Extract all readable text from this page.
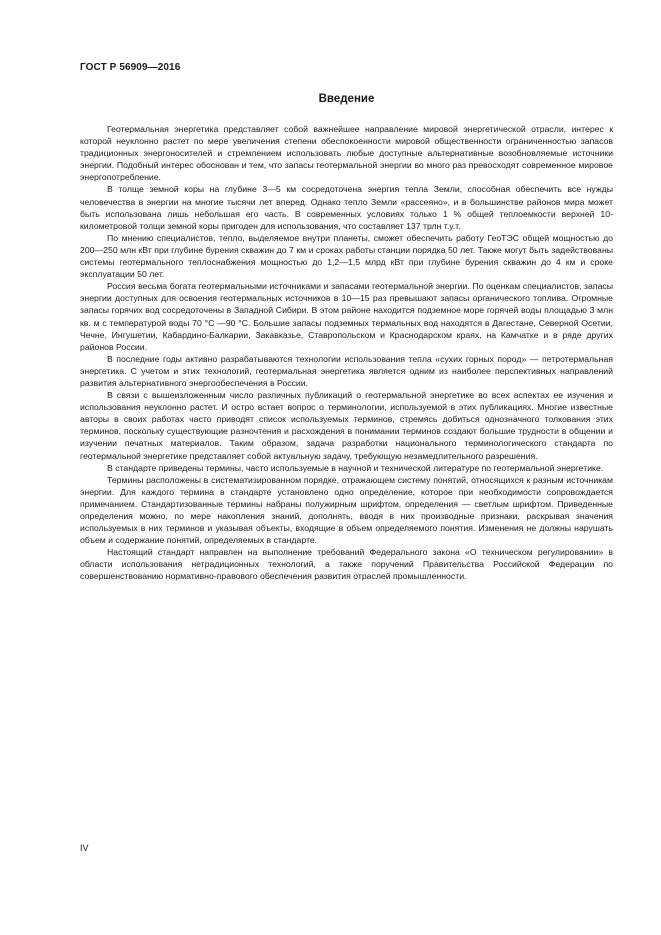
ГОСТ Р 56909—2016
Введение

Геотермальная энергетика представляет собой важнейшее направление мировой энергетической отрасли, интерес к которой неуклонно растет по мере увеличения степени обеспокоенности мировой общественности ограниченностью запасов традиционных энергоносителей и стремлением использовать любые доступные альтернативные возобновляемые источники энергии. Подобный интерес обоснован и тем, что запасы геотермальной энергии во много раз превосходят современное мировое энергопотребление.

В толще земной коры на глубине 3—5 км сосредоточена энергия тепла Земли, способная обеспечить все нужды человечества в энергии на многие тысячи лет вперед. Однако тепло Земли «рассеяно», и в большинстве районов мира может быть использована лишь небольшая его часть. В современных условиях только 1 % общей теплоемкости верхней 10-километровой толщи земной коры пригоден для использования, что составляет 137 трлн т.у.т.

По мнению специалистов, тепло, выделяемое внутри планеты, сможет обеспечить работу ГеоТЭС общей мощностью до 200—250 млн кВт при глубине бурения скважин до 7 км и сроках работы станции порядка 50 лет. Также могут быть задействованы системы геотермального теплоснабжения мощностью до 1,2—1,5 млрд кВт при глубине бурения скважин до 4 км и сроке эксплуатации 50 лет.

Россия весьма богата геотермальными источниками и запасами геотермальной энергии. По оценкам специалистов, запасы энергии доступных для освоения геотермальных источников в 10—15 раз превышают запасы органического топлива. Огромные запасы горячих вод сосредоточены в Западной Сибири. В этом районе находится подземное море горячей воды площадью 3 млн кв. м с температурой воды 70 °С —90 °С. Большие запасы подземных термальных вод находятся в Дагестане, Северной Осетии, Чечне, Ингушетии, Кабардино-Балкарии, Закавказье, Ставропольском и Краснодарском краях, на Камчатке и в ряде других районов России.

В последние годы активно разрабатываются технологии использования тепла «сухих горных пород» — петротермальная энергетика. С учетом и этих технологий, геотермальная энергетика является одним из наиболее перспективных направлений развития альтернативного энергообеспечения в России.

В связи с вышеизложенным число различных публикаций о геотермальной энергетике во всех аспектах ее изучения и использования неуклонно растет. И остро встает вопрос о терминологии, используемой в этих публикациях. Многие известные авторы в своих работах часто приводят список используемых терминов, стремясь добиться однозначного толкования этих терминов, поскольку существующие разночтения и расхождения в понимании терминов создают большие трудности в общении и изучении печатных материалов. Таким образом, задача разработки национального терминологического стандарта по геотермальной энергетике представляет собой актуальную задачу, требующую незамедлительного разрешения.

В стандарте приведены термины, часто используемые в научной и технической литературе по геотермальной энергетике.

Термины расположены в систематизированном порядке, отражающем систему понятий, относящихся к разным источникам энергии. Для каждого термина в стандарте установлено одно определение, которое при необходимости сопровождается примечанием. Стандартизованные термины набраны полужирным шрифтом, определения — светлым шрифтом. Приведенные определения можно, по мере накопления знаний, дополнять, вводя в них производные признаки, раскрывая значения используемых в них терминов и указывая объекты, входящие в объем определяемого понятия. Изменения не должны нарушать объем и содержание понятий, определяемых в стандарте.

Настоящий стандарт направлен на выполнение требований Федерального закона «О техническом регулировании» в области использования нетрадиционных технологий, а также поручений Правительства Российской Федерации по совершенствованию нормативно-правового обеспечения развития отраслей промышленности.

IV
